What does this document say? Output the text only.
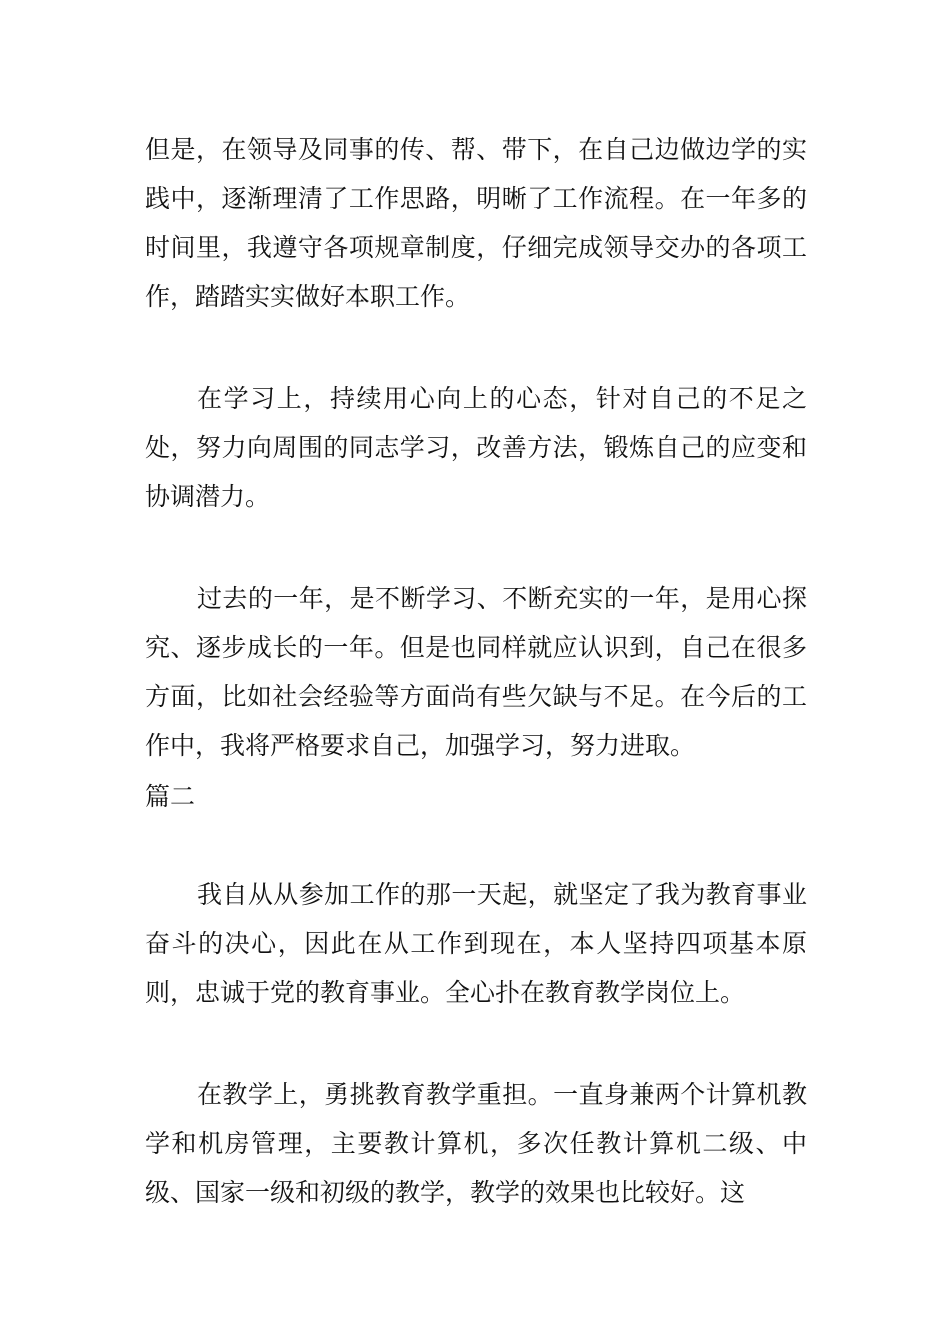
但是，在领导及同事的传、帮、带下，在自己边做边学的实践中，逐渐理清了工作思路，明晰了工作流程。在一年多的时间里，我遵守各项规章制度，仔细完成领导交办的各项工作，踏踏实实做好本职工作。

在学习上，持续用心向上的心态，针对自己的不足之处，努力向周围的同志学习，改善方法，锻炼自己的应变和协调潜力。

过去的一年，是不断学习、不断充实的一年，是用心探究、逐步成长的一年。但是也同样就应认识到，自己在很多方面，比如社会经验等方面尚有些欠缺与不足。在今后的工作中，我将严格要求自己，加强学习，努力进取。

篇二

我自从从参加工作的那一天起，就坚定了我为教育事业奋斗的决心，因此在从工作到现在，本人坚持四项基本原则，忠诚于党的教育事业。全心扑在教育教学岗位上。

在教学上，勇挑教育教学重担。一直身兼两个计算机教学和机房管理，主要教计算机，多次任教计算机二级、中级、国家一级和初级的教学，教学的效果也比较好。这
